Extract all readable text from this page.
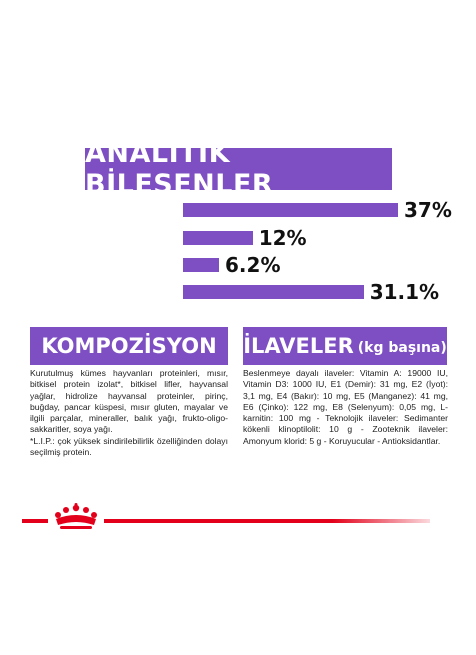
ANALİTİK BİLEŞENLER
37%
12%
6.2%
31.1%
KOMPOZİSYON İLAVELER (kg başına)
Kurutulmuş kümes hayvanları proteinleri, mısır, bitkisel protein izolat*, bitkisel lifler, hayvansal yağlar, hidrolize hayvansal proteinler, pirinç, buğday, pancar küspesi, mısır gluten, mayalar ve ilgili parçalar, mineraller, balık yağı, frukto-oligo-sakkaritler, soya yağı.
*L.I.P.: çok yüksek sindirilebilirlik özelliğinden dolayı seçilmiş protein.
Beslenmeye dayalı ilaveler: Vitamin A: 19000 IU, Vitamin D3: 1000 IU, E1 (Demir): 31 mg, E2 (İyot): 3,1 mg, E4 (Bakır): 10 mg, E5 (Manganez): 41 mg, E6 (Çinko): 122 mg, E8 (Selenyum): 0,05 mg, L-karnitin: 100 mg - Teknolojik ilaveler: Sedimanter kökenli klinoptilolit: 10 g - Zooteknik ilaveler: Amonyum klorid: 5 g - Koruyucular - Antioksidantlar.
